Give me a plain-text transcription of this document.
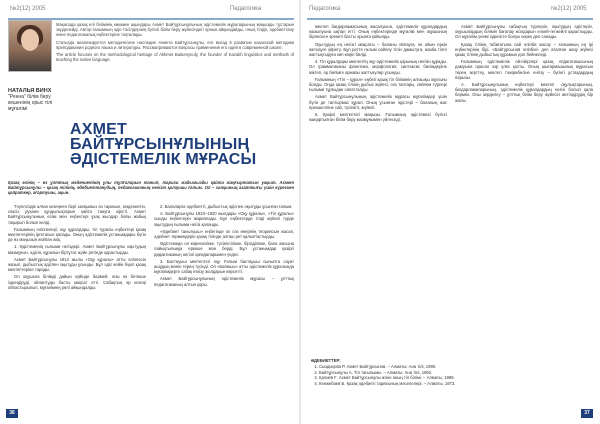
№2(12) 2005	Педагогика

Мақалада қазақ елі білімінің көкжиек ақындары Ахмет Байтұрсынұлының әдістемелік мұраларының маңызды тұстарын зерделейді. Автор ғалымның әдіс-тәсілдерінің бүгінгі білім беру жүйесіндегі орнын айқындайды, оның тілдік, әдебиеттану және педагогикалық еңбектеріне тоқталады.

Статьяда анализируется методическое наследие Ахмета Байтұрсынұлы, его вклад в развитие казахской методики преподавания родного языка и литературы. Рассматриваются вопросы применения его идей в современной школе.

The article focuses on the methodological heritage of Akhmet Baitursynuly, the founder of Kazakh linguistics and methods of teaching the native language.

НАТАЛЬЯ ВИНХ
"Ренна" білім беру кешенінің орыс тілі мұғалімі
АХМЕТ
БАЙТҰРСЫНҰЛЫНЫҢ
ӘДІСТЕМЕЛІК МҰРАСЫ
Қазақ елінің – өз ұлттық мәдениетінің ұлы тұлғаларын танып, тарихи жадымызды қайта жаңғыртатын уақыт. Ахмет Байтұрсынұлы – қазақ тілінің, әдебиеттанудың, педагогиканың негізін қалаушы ғалым. Ол – халқының азаттығы үшін күрескен қайраткер, ағартушы, ақын.

Тәуелсіздік алған кезеңнен бері халқымыз өз тарихын, мәдениетін, сөзсіз рухани құндылықтарын қайта тануға кірісті. Ахмет Байтұрсынұлының есімі мен еңбектері ұзақ жылдар бойы жабық тақырып болып келді.

Ғалымның әліппелері, оқу құралдары, тіл туралы еңбектері қазақ мектептерінің іргетасын қалады. Оның әдістемелік ұстанымдары бүгін де өз маңызын жойған жоқ.

1. Әдістеменің ғылыми негіздері. Ахмет Байтұрсынұлы оқытудың мазмұнын, әдісін, құралын біртұтас жүйе ретінде қарастырды.

Ахмет Байтұрсынұлы 1912 жылы «Оқу құралы» атты әліппесін жазып, дыбыстық әдіспен оқытуды ұсынды. Бұл әдіс кейін бүкіл қазақ мектептеріне тарады.

Ол оқушыға білімді дайын күйінде бермей, оны өз бетінше іздендіруді, ойлантуды басты мақсат етті. Сабақтың әр кезеңі ойластырылып, мұғалімнің рөлі айқындалды.

2. Балаларға әдебиетті, дыбыстық әдіспен оқытуды ұсынған ғалым.

А. Байтұрсынұлы 1910–1920 жылдары «Оқу құралы», «Тіл құралы» сынды еңбектерін жариялады. Бұл еңбектерде тілді жүйелі түрде оқытудың ғылыми негізі қаланды.

«Әдебиет танытқыш» еңбегінде ол сөз өнерінің теориясын жасап, әдебиет терминдерін қазақ тілінде алғаш рет қалыптастырды.

Әдістемеде ол көрнекілікке, түсініктілікке, бірізділікке, бала жасына лайықтылыққа ерекше мән берді. Бұл ұстанымдар қазіргі дидактиканың негізгі қағидаларымен үндес.

3. Бастауыш мектептегі оқу. Ғалым бастауыш сыныпта сауат ашудың мәнін терең түсінді. Ол «Баяншы» атты әдістемелік құралында мұғалімдерге сабақ өткізу жолдарын көрсетті.

Ахмет Байтұрсынұлының әдістемелік мұрасы – ұлттық педагогиканың алтын қоры.

36
Педагогика	№2(12) 2005

мектеп бағдарламасының жасалуына, әдістемелік құралдардың жазылуына ықпал етті. Оның еңбектерінде мұғалім мен оқушының бірлескен әрекеті басты орынға қойылды.

Оқытудың ең негізгі мақсаты – баланы ойлауға, өз ойын еркін жеткізуге үйрету. Бұл ретте ғалым сөйлеу тілін дамытуға, жазба тілге жаттықтыруға көп көңіл бөлді.

4. Тіл құралдары мектептің оқу-әдістемелік қорының негізін құрады. Ол грамматиканы фонетика, морфология, синтаксис бөлімдеріне жіктеп, әр бөлімге арнайы жаттығулар ұсынды.

Ғалымның «Тіл – құрал» еңбегі қазақ тіл білімінің алғашқы оқулығы болды. Онда қазақ тілінің дыбыс жүйесі, сөз таптары, сөйлем түрлері ғылыми тұрғыдан сипатталды.

Ахмет Байтұрсынұлының әдістемелік мұрасы мұғалімдер үшін бүгін де таптырмас құрал. Оның ұсынған әдістері – баланың жас ерекшелігіне сай, түсінікті, жүйелі.

5. Қазіргі мектептегі маңызы. Ғалымның әдістемесі бүгінгі жаңартылған білім беру мазмұнымен үйлеседі.

Ахмет Байтұрсынұлы сабақтың түрлерін, оқытудың әдістерін, оқушылардың білімін бағалау жолдарын егжей-тегжейлі қарастырды. Ол мұғалім үнемі ізденісте болуы керек деп санады.

Қазақ тілінің табиғатына сай әліпби жасау – ғалымның ең ірі еңбектерінің бірі. «Байтұрсынов әліпбиі» деп аталған жазу жүйесі қазақ тілінің дыбыстық құрамын дәл бейнеледі.

Ғалымның әдістемелік ой-пікірлері қазақ педагогикасының дамуына орасан зор үлес қосты. Оның шығармашылық мұрасын терең зерттеу, мектеп тәжірибесіне енгізу – бүгінгі ұстаздардың парызы.

А. Байтұрсынұлының еңбектері мектеп оқулықтарының, бағдарламаларының, әдістемелік құралдардың негізі болып қала бермек. Оны зерделеу – ұлттық білім беру жүйесін жетілдірудің бір жолы.

ӘДЕБИЕТТЕР:
1. Сыздықова Р. Ахмет Байтұрсынов. – Алматы: Ана тілі, 1990.
2. Байтұрсынұлы А. Тіл тағылымы. – Алматы: Ана тілі, 1992.
3. Қалиев Ғ. Ахмет Байтұрсынұлы және оның тіл білімі. – Алматы, 1998.
4. Кенжебаев Б. Қазақ әдебиеті тарихының мәселелері. – Алматы, 1973.
37
